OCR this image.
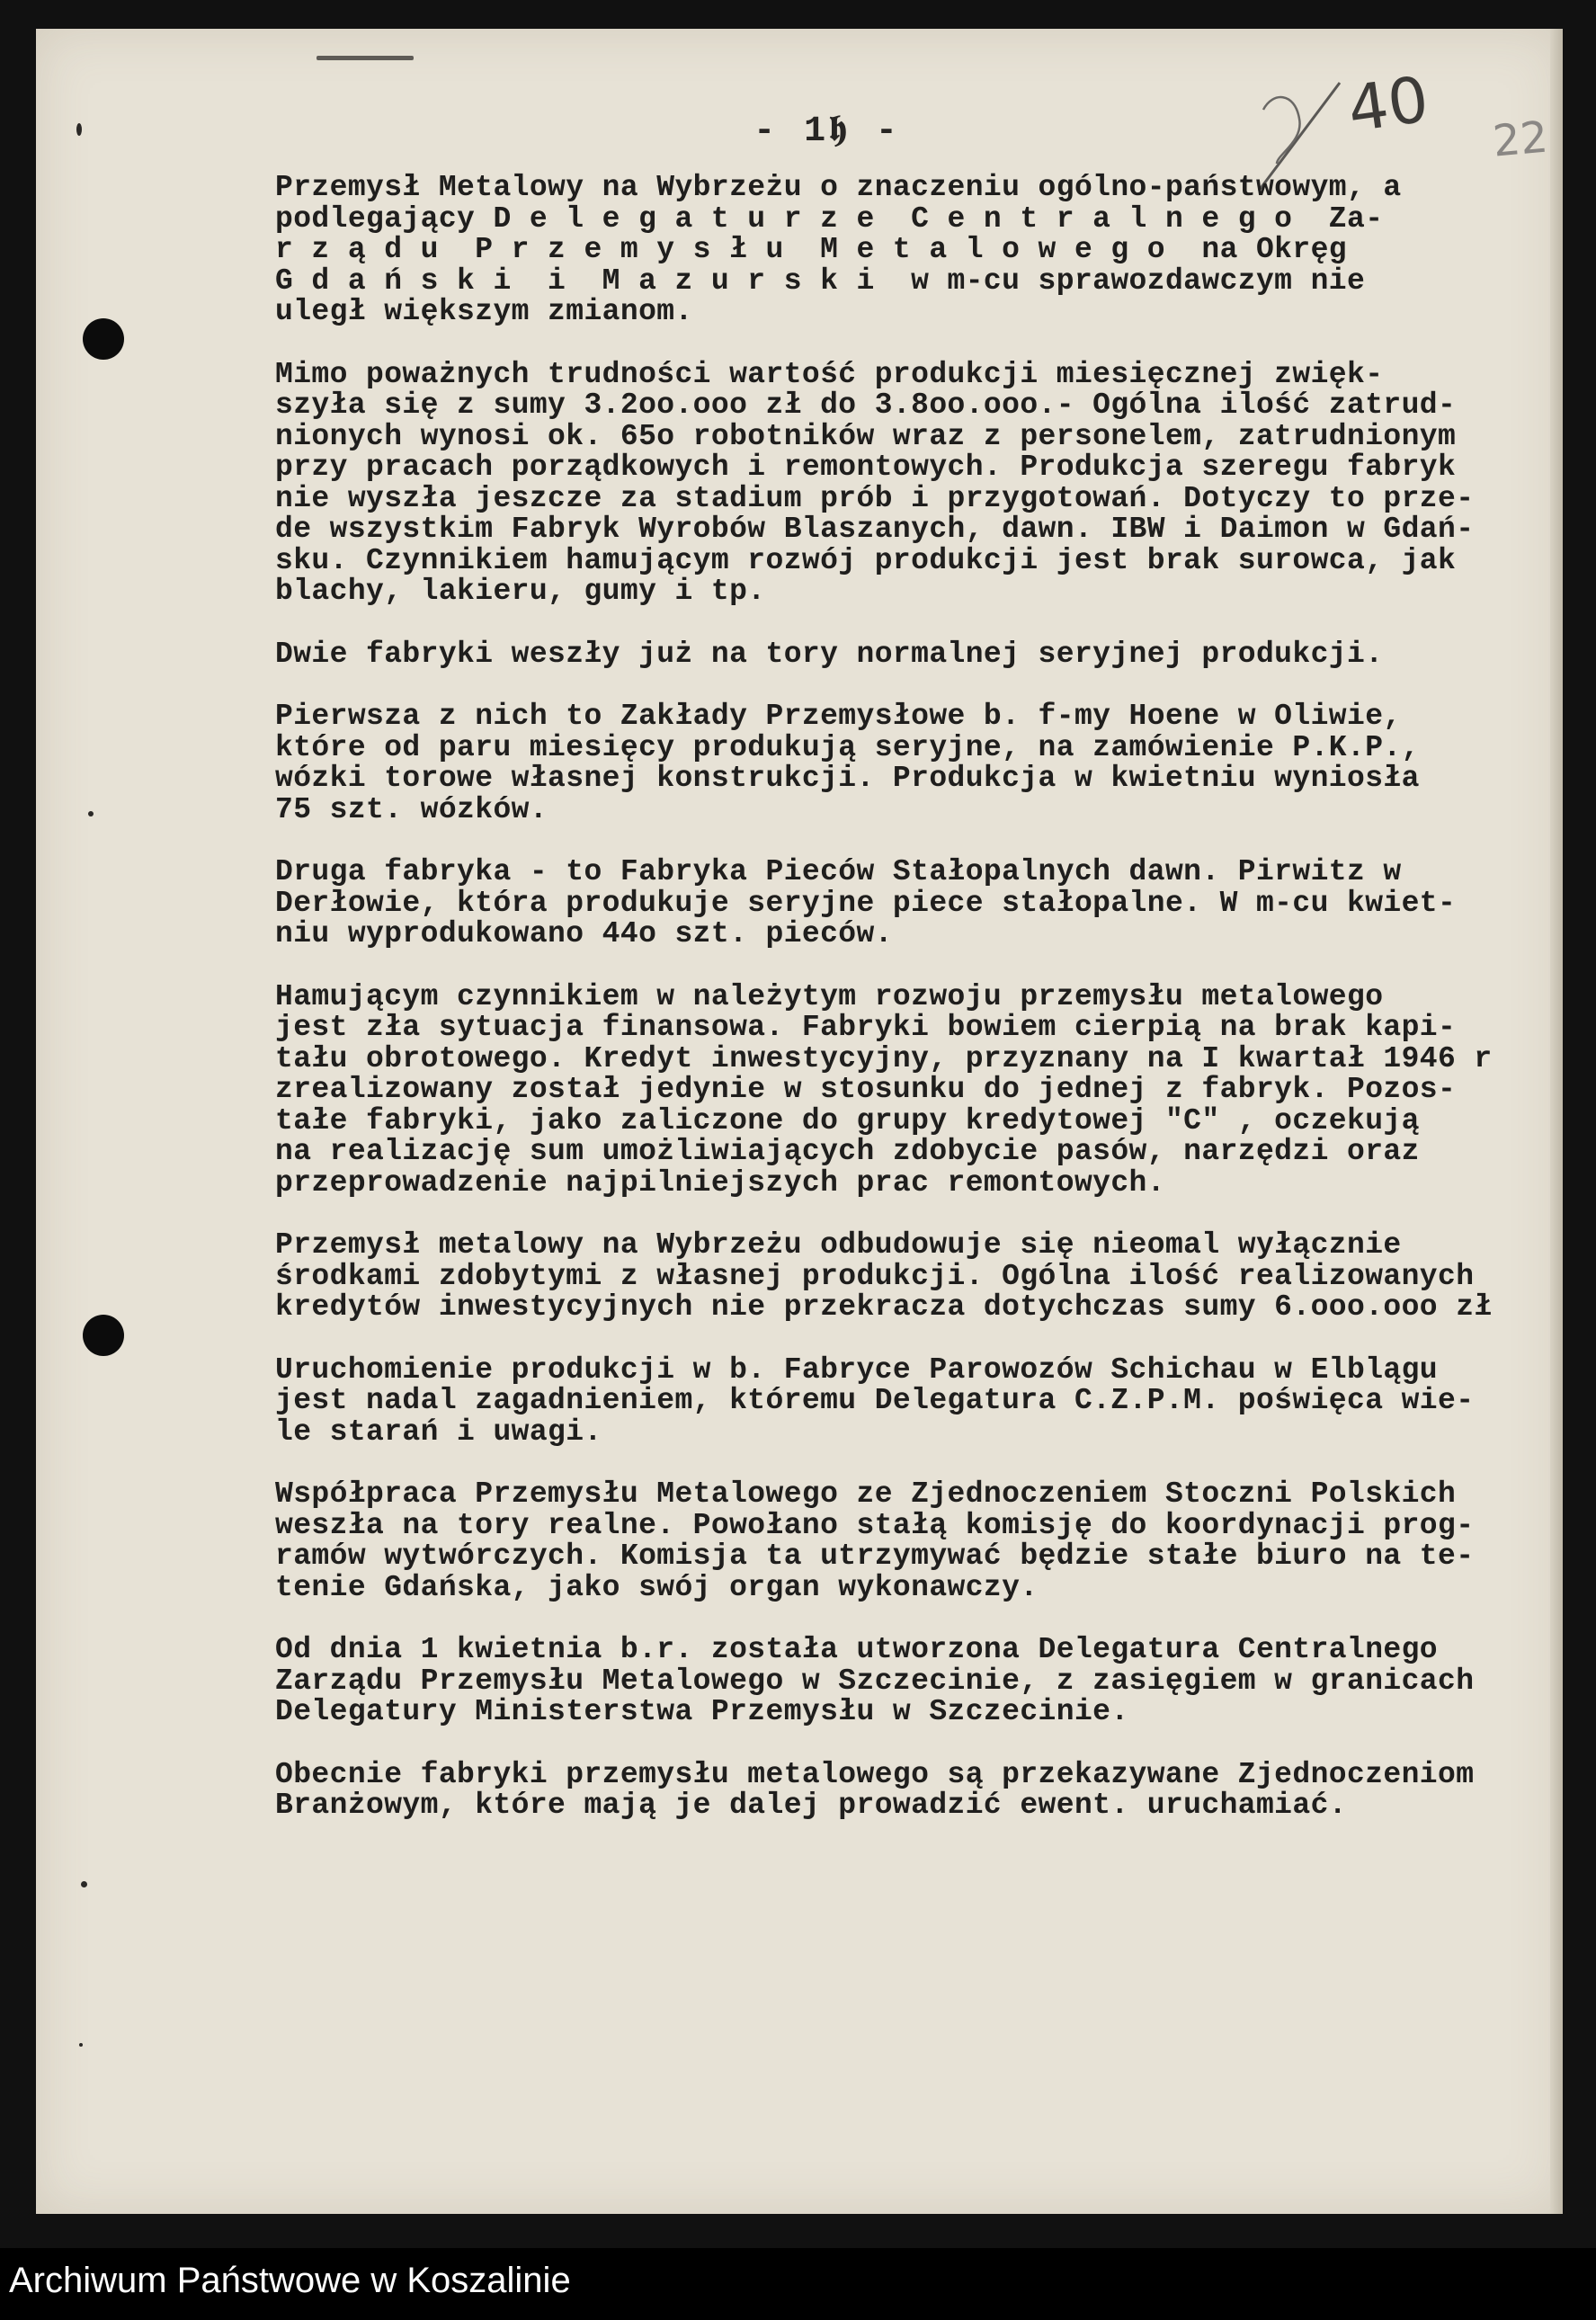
- 1𝖍 -	40 22
Przemysł Metalowy na Wybrzeżu o znaczeniu ogólno-państwowym, a
podlegający D e l e g a t u r z e  C e n t r a l n e g o  Za-
r z ą d u  P r z e m y s ł u  M e t a l o w e g o  na Okręg
G d a ń s k i  i  M a z u r s k i  w m-cu sprawozdawczym nie
uległ większym zmianom.
Mimo poważnych trudności wartość produkcji miesięcznej zwięk-
szyła się z sumy 3.2oo.ooo zł do 3.8oo.ooo.- Ogólna ilość zatrud-
nionych wynosi ok. 65o robotników wraz z personelem, zatrudnionym
przy pracach porządkowych i remontowych. Produkcja szeregu fabryk
nie wyszła jeszcze za stadium prób i przygotowań. Dotyczy to prze-
de wszystkim Fabryk Wyrobów Blaszanych, dawn. IBW i Daimon w Gdań-
sku. Czynnikiem hamującym rozwój produkcji jest brak surowca, jak
blachy, lakieru, gumy i tp.
Dwie fabryki weszły już na tory normalnej seryjnej produkcji.
Pierwsza z nich to Zakłady Przemysłowe b. f-my Hoene w Oliwie,
które od paru miesięcy produkują seryjne, na zamówienie P.K.P.,
wózki torowe własnej konstrukcji. Produkcja w kwietniu wyniosła
75 szt. wózków.
Druga fabryka - to Fabryka Pieców Stałopalnych dawn. Pirwitz w
Derłowie, która produkuje seryjne piece stałopalne. W m-cu kwiet-
niu wyprodukowano 44o szt. pieców.
Hamującym czynnikiem w należytym rozwoju przemysłu metalowego
jest zła sytuacja finansowa. Fabryki bowiem cierpią na brak kapi-
tału obrotowego. Kredyt inwestycyjny, przyznany na I kwartał 1946 r
zrealizowany został jedynie w stosunku do jednej z fabryk. Pozos-
tałe fabryki, jako zaliczone do grupy kredytowej "C" , oczekują
na realizację sum umożliwiających zdobycie pasów, narzędzi oraz
przeprowadzenie najpilniejszych prac remontowych.
Przemysł metalowy na Wybrzeżu odbudowuje się nieomal wyłącznie
środkami zdobytymi z własnej produkcji. Ogólna ilość realizowanych
kredytów inwestycyjnych nie przekracza dotychczas sumy 6.ooo.ooo zł
Uruchomienie produkcji w b. Fabryce Parowozów Schichau w Elblągu
jest nadal zagadnieniem, któremu Delegatura C.Z.P.M. poświęca wie-
le starań i uwagi.
Współpraca Przemysłu Metalowego ze Zjednoczeniem Stoczni Polskich
weszła na tory realne. Powołano stałą komisję do koordynacji prog-
ramów wytwórczych. Komisja ta utrzymywać będzie stałe biuro na te-
tenie Gdańska, jako swój organ wykonawczy.
Od dnia 1 kwietnia b.r. została utworzona Delegatura Centralnego
Zarządu Przemysłu Metalowego w Szczecinie, z zasięgiem w granicach
Delegatury Ministerstwa Przemysłu w Szczecinie.
Obecnie fabryki przemysłu metalowego są przekazywane Zjednoczeniom
Branżowym, które mają je dalej prowadzić ewent. uruchamiać.
Archiwum Państwowe w Koszalinie
